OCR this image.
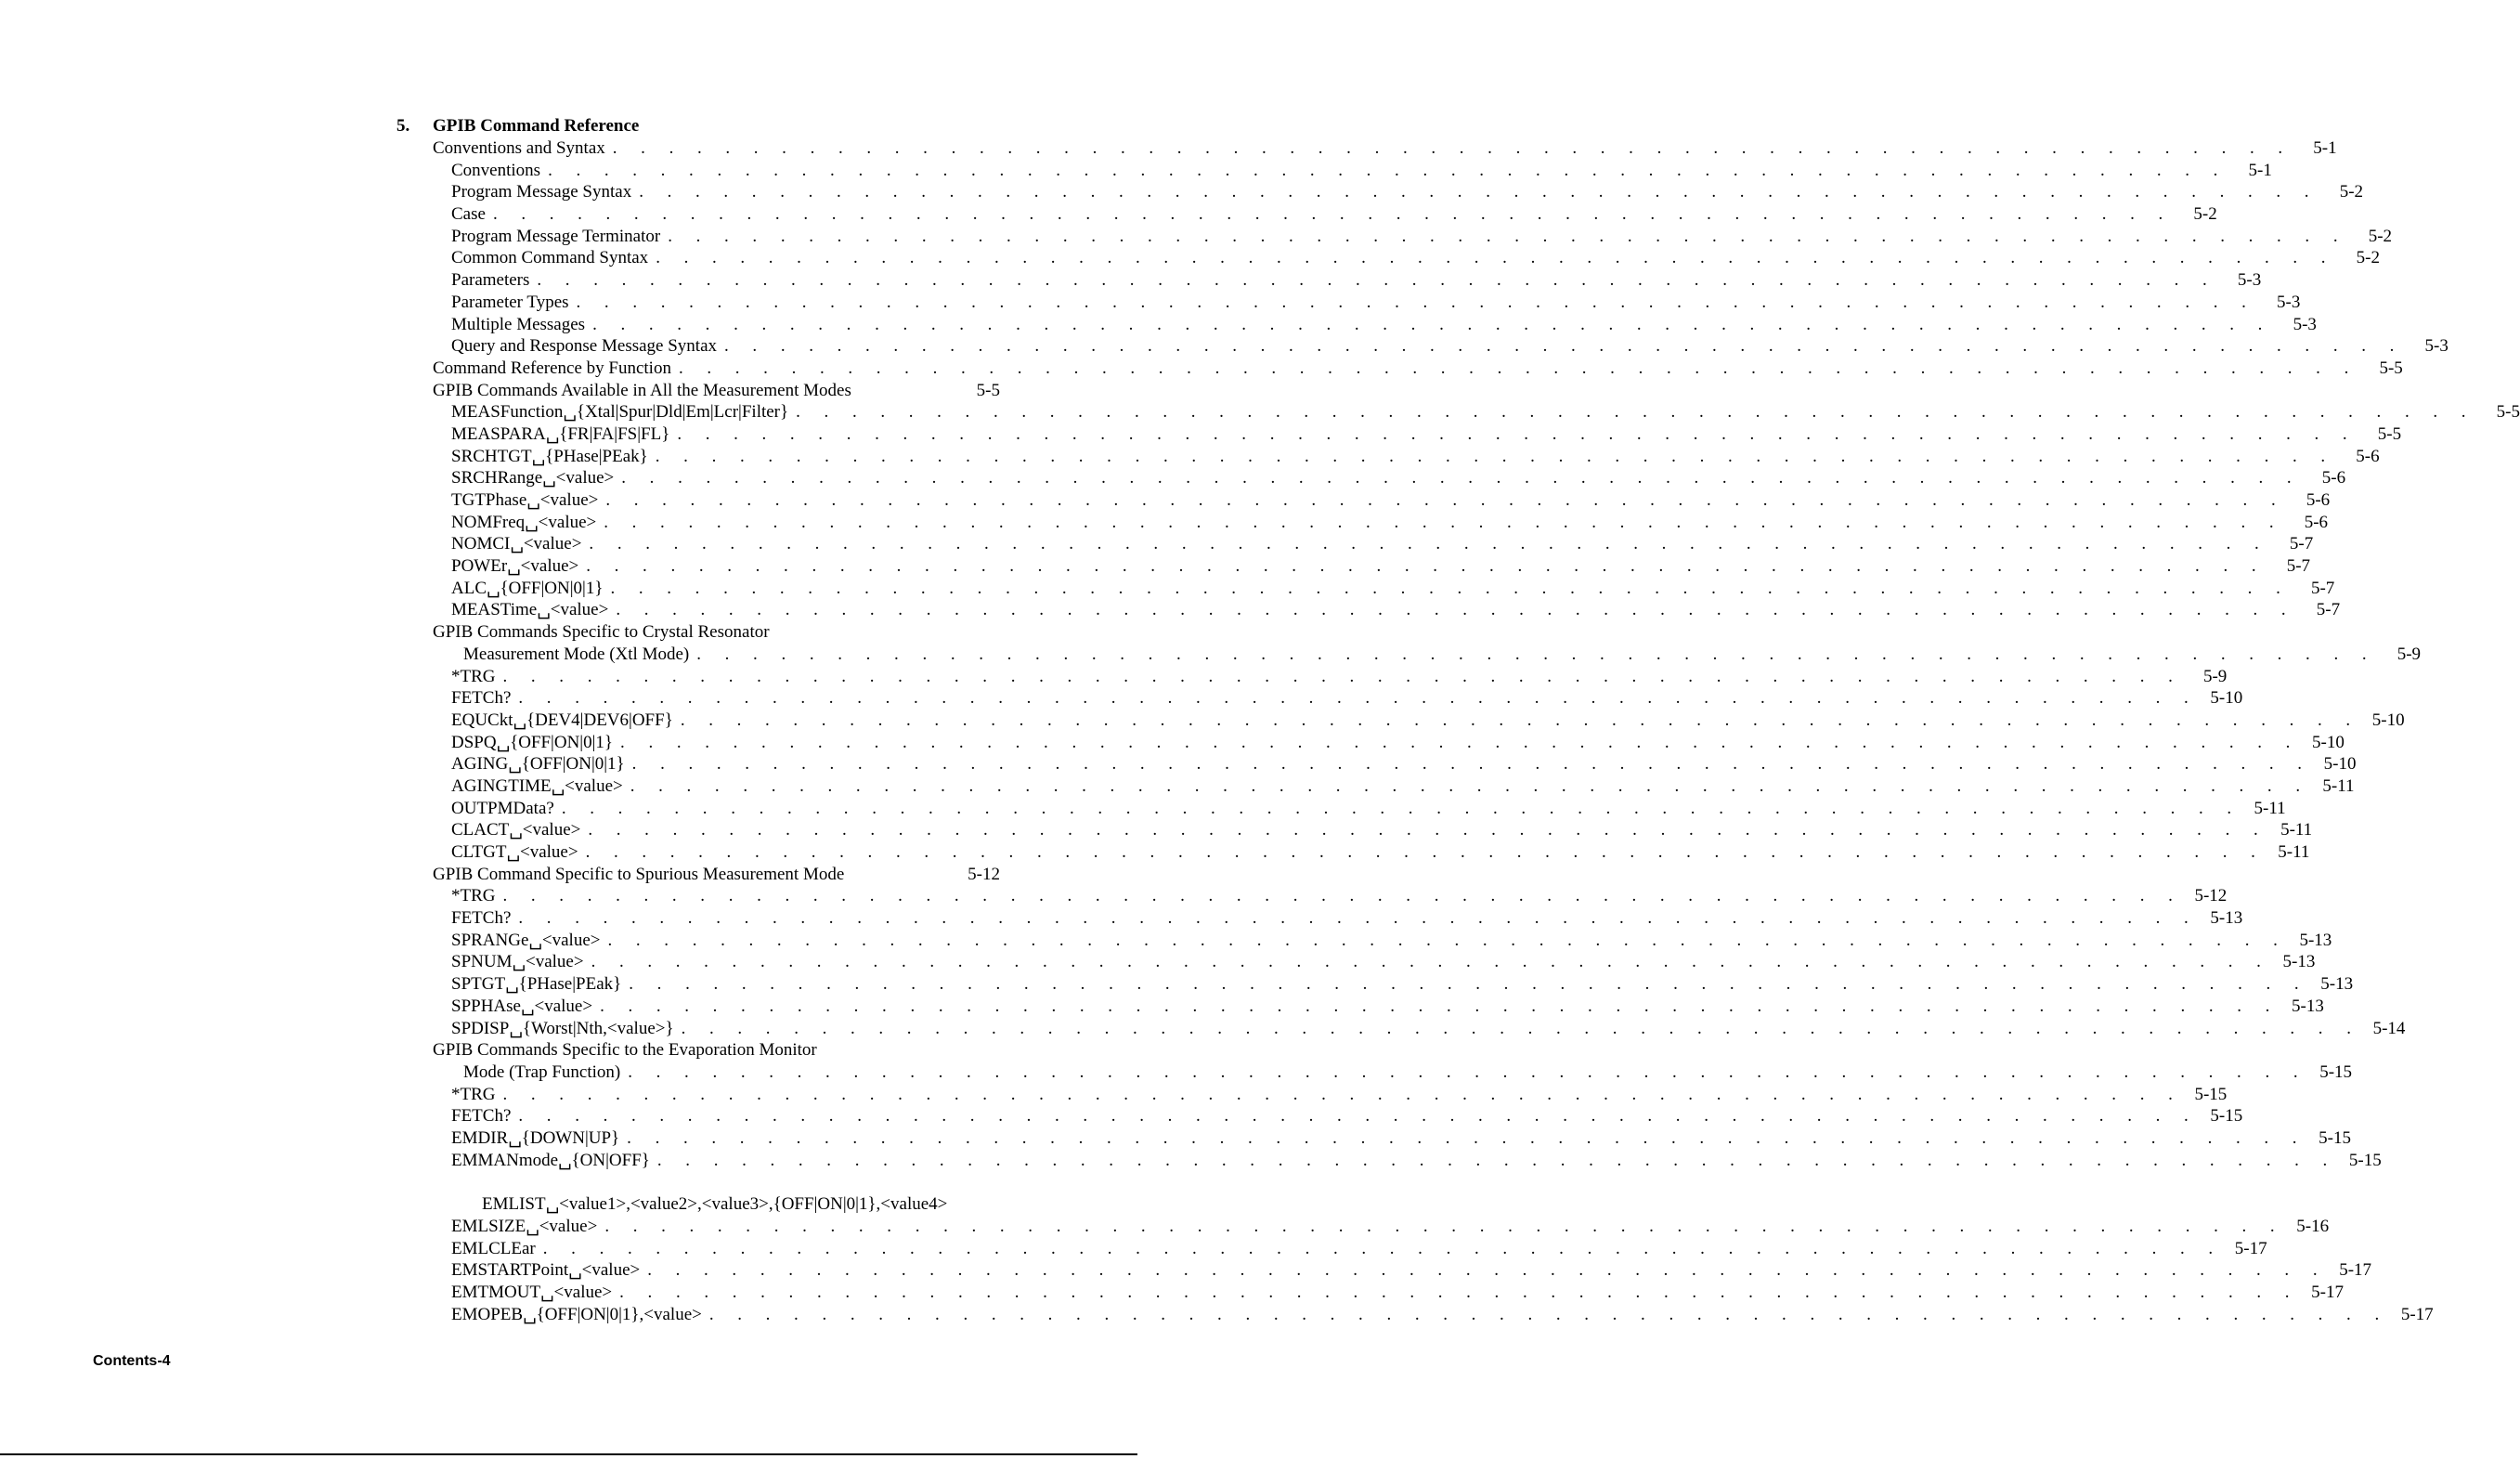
5. GPIB Command Reference
Conventions and Syntax . . . . . . . . . . . . . . . . . . . . . . . . . . . . . . . . . . . . . . . . . . . . . . . . . . . . . . . . . . . .	5-1
Conventions . . . . . . . . . . . . . . . . . . . . . . . . . . . . . . . . . . . . . . . . . . . . . . . . . . . . . . . . . . . .	5-1
Program Message Syntax . . . . . . . . . . . . . . . . . . . . . . . . . . . . . . . . . . . . . . . . . . . . . . . . . . . . . . . . . . . .	5-2
Case . . . . . . . . . . . . . . . . . . . . . . . . . . . . . . . . . . . . . . . . . . . . . . . . . . . . . . . . . . . .	5-2
Program Message Terminator . . . . . . . . . . . . . . . . . . . . . . . . . . . . . . . . . . . . . . . . . . . . . . . . . . . . . . . . . . . .	5-2
Common Command Syntax . . . . . . . . . . . . . . . . . . . . . . . . . . . . . . . . . . . . . . . . . . . . . . . . . . . . . . . . . . . .	5-2
Parameters . . . . . . . . . . . . . . . . . . . . . . . . . . . . . . . . . . . . . . . . . . . . . . . . . . . . . . . . . . . .	5-3
Parameter Types . . . . . . . . . . . . . . . . . . . . . . . . . . . . . . . . . . . . . . . . . . . . . . . . . . . . . . . . . . . .	5-3
Multiple Messages . . . . . . . . . . . . . . . . . . . . . . . . . . . . . . . . . . . . . . . . . . . . . . . . . . . . . . . . . . . .	5-3
Query and Response Message Syntax . . . . . . . . . . . . . . . . . . . . . . . . . . . . . . . . . . . . . . . . . . . . . . . . . . . . . . . . . . . .	5-3
Command Reference by Function . . . . . . . . . . . . . . . . . . . . . . . . . . . . . . . . . . . . . . . . . . . . . . . . . . . . . . . . . . . .	5-5
GPIB Commands Available in All the Measurement Modes	5-5
MEASFunction␣{Xtal|Spur|Dld|Em|Lcr|Filter} . . . . . . . . . . . . . . . . . . . . . . . . . . . . . . . . . . . . . . . . . . . . . . . . . . . . . . . . . . . .	5-5
MEASPARA␣{FR|FA|FS|FL} . . . . . . . . . . . . . . . . . . . . . . . . . . . . . . . . . . . . . . . . . . . . . . . . . . . . . . . . . . . .	5-5
SRCHTGT␣{PHase|PEak} . . . . . . . . . . . . . . . . . . . . . . . . . . . . . . . . . . . . . . . . . . . . . . . . . . . . . . . . . . . .	5-6
SRCHRange␣<value> . . . . . . . . . . . . . . . . . . . . . . . . . . . . . . . . . . . . . . . . . . . . . . . . . . . . . . . . . . . .	5-6
TGTPhase␣<value> . . . . . . . . . . . . . . . . . . . . . . . . . . . . . . . . . . . . . . . . . . . . . . . . . . . . . . . . . . . .	5-6
NOMFreq␣<value> . . . . . . . . . . . . . . . . . . . . . . . . . . . . . . . . . . . . . . . . . . . . . . . . . . . . . . . . . . . .	5-6
NOMCI␣<value> . . . . . . . . . . . . . . . . . . . . . . . . . . . . . . . . . . . . . . . . . . . . . . . . . . . . . . . . . . . .	5-7
POWEr␣<value> . . . . . . . . . . . . . . . . . . . . . . . . . . . . . . . . . . . . . . . . . . . . . . . . . . . . . . . . . . . .	5-7
ALC␣{OFF|ON|0|1} . . . . . . . . . . . . . . . . . . . . . . . . . . . . . . . . . . . . . . . . . . . . . . . . . . . . . . . . . . . .	5-7
MEASTime␣<value> . . . . . . . . . . . . . . . . . . . . . . . . . . . . . . . . . . . . . . . . . . . . . . . . . . . . . . . . . . . .	5-7
GPIB Commands Specific to Crystal Resonator
Measurement Mode (Xtl Mode) . . . . . . . . . . . . . . . . . . . . . . . . . . . . . . . . . . . . . . . . . . . . . . . . . . . . . . . . . . . .	5-9
*TRG . . . . . . . . . . . . . . . . . . . . . . . . . . . . . . . . . . . . . . . . . . . . . . . . . . . . . . . . . . . .	5-9
FETCh? . . . . . . . . . . . . . . . . . . . . . . . . . . . . . . . . . . . . . . . . . . . . . . . . . . . . . . . . . . . . 5-10
EQUCkt␣{DEV4|DEV6|OFF} . . . . . . . . . . . . . . . . . . . . . . . . . . . . . . . . . . . . . . . . . . . . . . . . . . . . . . . . . . . . 5-10
DSPQ␣{OFF|ON|0|1} . . . . . . . . . . . . . . . . . . . . . . . . . . . . . . . . . . . . . . . . . . . . . . . . . . . . . . . . . . . . 5-10
AGING␣{OFF|ON|0|1} . . . . . . . . . . . . . . . . . . . . . . . . . . . . . . . . . . . . . . . . . . . . . . . . . . . . . . . . . . . . 5-10
AGINGTIME␣<value> . . . . . . . . . . . . . . . . . . . . . . . . . . . . . . . . . . . . . . . . . . . . . . . . . . . . . . . . . . . . 5-11
OUTPMData? . . . . . . . . . . . . . . . . . . . . . . . . . . . . . . . . . . . . . . . . . . . . . . . . . . . . . . . . . . . . 5-11
CLACT␣<value> . . . . . . . . . . . . . . . . . . . . . . . . . . . . . . . . . . . . . . . . . . . . . . . . . . . . . . . . . . . . 5-11
CLTGT␣<value> . . . . . . . . . . . . . . . . . . . . . . . . . . . . . . . . . . . . . . . . . . . . . . . . . . . . . . . . . . . . 5-11
GPIB Command Specific to Spurious Measurement Mode	5-12
*TRG . . . . . . . . . . . . . . . . . . . . . . . . . . . . . . . . . . . . . . . . . . . . . . . . . . . . . . . . . . . . 5-12
FETCh? . . . . . . . . . . . . . . . . . . . . . . . . . . . . . . . . . . . . . . . . . . . . . . . . . . . . . . . . . . . . 5-13
SPRANGe␣<value> . . . . . . . . . . . . . . . . . . . . . . . . . . . . . . . . . . . . . . . . . . . . . . . . . . . . . . . . . . . . 5-13
SPNUM␣<value> . . . . . . . . . . . . . . . . . . . . . . . . . . . . . . . . . . . . . . . . . . . . . . . . . . . . . . . . . . . . 5-13
SPTGT␣{PHase|PEak} . . . . . . . . . . . . . . . . . . . . . . . . . . . . . . . . . . . . . . . . . . . . . . . . . . . . . . . . . . . . 5-13
SPPHAse␣<value> . . . . . . . . . . . . . . . . . . . . . . . . . . . . . . . . . . . . . . . . . . . . . . . . . . . . . . . . . . . . 5-13
SPDISP␣{Worst|Nth,<value>} . . . . . . . . . . . . . . . . . . . . . . . . . . . . . . . . . . . . . . . . . . . . . . . . . . . . . . . . . . . . 5-14
GPIB Commands Specific to the Evaporation Monitor
Mode (Trap Function) . . . . . . . . . . . . . . . . . . . . . . . . . . . . . . . . . . . . . . . . . . . . . . . . . . . . . . . . . . . . 5-15
*TRG . . . . . . . . . . . . . . . . . . . . . . . . . . . . . . . . . . . . . . . . . . . . . . . . . . . . . . . . . . . . 5-15
FETCh? . . . . . . . . . . . . . . . . . . . . . . . . . . . . . . . . . . . . . . . . . . . . . . . . . . . . . . . . . . . . 5-15
EMDIR␣{DOWN|UP} . . . . . . . . . . . . . . . . . . . . . . . . . . . . . . . . . . . . . . . . . . . . . . . . . . . . . . . . . . . . 5-15
EMMANmode␣{ON|OFF} . . . . . . . . . . . . . . . . . . . . . . . . . . . . . . . . . . . . . . . . . . . . . . . . . . . . . . . . . . . . 5-15
EMLIST␣<value1>,<value2>,<value3>,{OFF|ON|0|1},<value4>
EMLSIZE␣<value> . . . . . . . . . . . . . . . . . . . . . . . . . . . . . . . . . . . . . . . . . . . . . . . . . . . . . . . . . . . . 5-16
EMLCLEar . . . . . . . . . . . . . . . . . . . . . . . . . . . . . . . . . . . . . . . . . . . . . . . . . . . . . . . . . . . . 5-17
EMSTARTPoint␣<value> . . . . . . . . . . . . . . . . . . . . . . . . . . . . . . . . . . . . . . . . . . . . . . . . . . . . . . . . . . . . 5-17
EMTMOUT␣<value> . . . . . . . . . . . . . . . . . . . . . . . . . . . . . . . . . . . . . . . . . . . . . . . . . . . . . . . . . . . . 5-17
EMOPEB␣{OFF|ON|0|1},<value> . . . . . . . . . . . . . . . . . . . . . . . . . . . . . . . . . . . . . . . . . . . . . . . . . . . . . . . . . . . . 5-17
Contents-4
